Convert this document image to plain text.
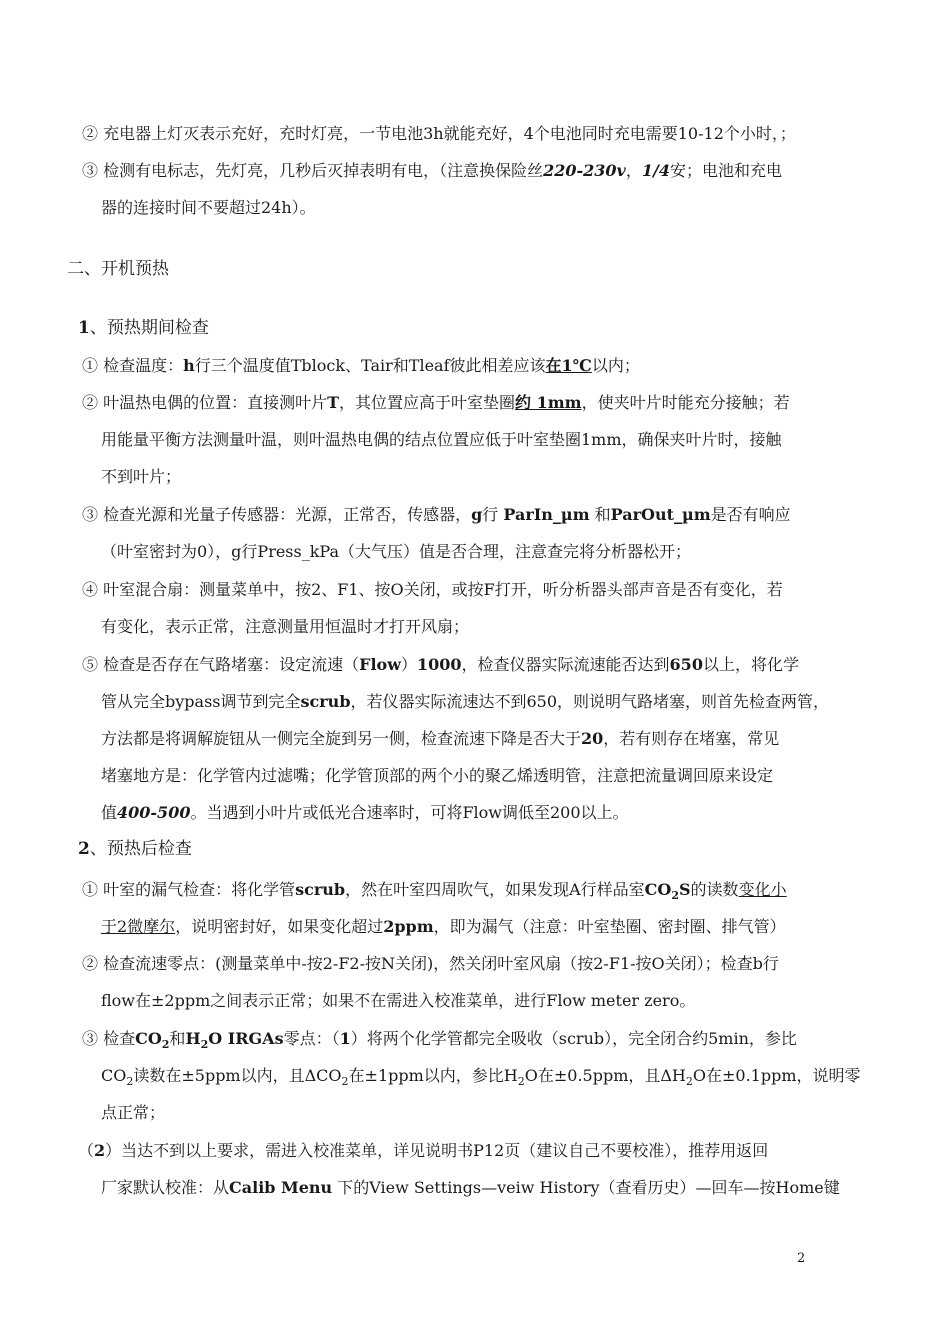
② 充电器上灯灭表示充好，充时灯亮，一节电池3h就能充好，4个电池同时充电需要10-12个小时，；
③ 检测有电标志，先灯亮，几秒后灭掉表明有电，（注意换保险丝220-230v，1/4安；电池和充电
器的连接时间不要超过24h）。
二、开机预热
1、预热期间检查
① 检查温度：h行三个温度值Tblock、Tair和Tleaf彼此相差应该在1℃以内；
② 叶温热电偶的位置：直接测叶片T，其位置应高于叶室垫圈约 1mm，使夹叶片时能充分接触；若
用能量平衡方法测量叶温，则叶温热电偶的结点位置应低于叶室垫圈1mm，确保夹叶片时，接触
不到叶片；
③ 检查光源和光量子传感器：光源，正常否，传感器，g行 ParIn_µm 和ParOut_µm是否有响应
（叶室密封为0），g行Press_kPa（大气压）值是否合理，注意查完将分析器松开；
④ 叶室混合扇：测量菜单中，按2、F1、按O关闭，或按F打开，听分析器头部声音是否有变化，若
有变化，表示正常，注意测量用恒温时才打开风扇；
⑤ 检查是否存在气路堵塞：设定流速（Flow）1000，检查仪器实际流速能否达到650以上，将化学
管从完全bypass调节到完全scrub，若仪器实际流速达不到650，则说明气路堵塞，则首先检查两管，
方法都是将调解旋钮从一侧完全旋到另一侧，检查流速下降是否大于20，若有则存在堵塞，常见
堵塞地方是：化学管内过滤嘴；化学管顶部的两个小的聚乙烯透明管，注意把流量调回原来设定
值400-500。当遇到小叶片或低光合速率时，可将Flow调低至200以上。
2、预热后检查
① 叶室的漏气检查：将化学管scrub，然在叶室四周吹气，如果发现A行样品室$CO_2S$的读数变化小
于2微摩尔，说明密封好，如果变化超过2ppm，即为漏气（注意：叶室垫圈、密封圈、排气管）
② 检查流速零点：(测量菜单中-按2-F2-按N关闭)，然关闭叶室风扇（按2-F1-按O关闭）；检查b行
flow在±2ppm之间表示正常；如果不在需进入校准菜单，进行Flow meter zero。
③ 检查$CO_2$和$H_2O$ IRGAs零点：（1）将两个化学管都完全吸收（scrub），完全闭合约5min，参比
$CO_2$读数在±5ppm以内，且$\Delta CO_2$在±1ppm以内，参比$H_2O$在±0.5ppm，且$\Delta H_2O$在±0.1ppm，说明零
点正常；
（2）当达不到以上要求，需进入校准菜单，详见说明书P12页（建议自己不要校准），推荐用返回
厂家默认校准：从Calib Menu 下的View Settings—veiw History（查看历史）—回车—按Home键
2
